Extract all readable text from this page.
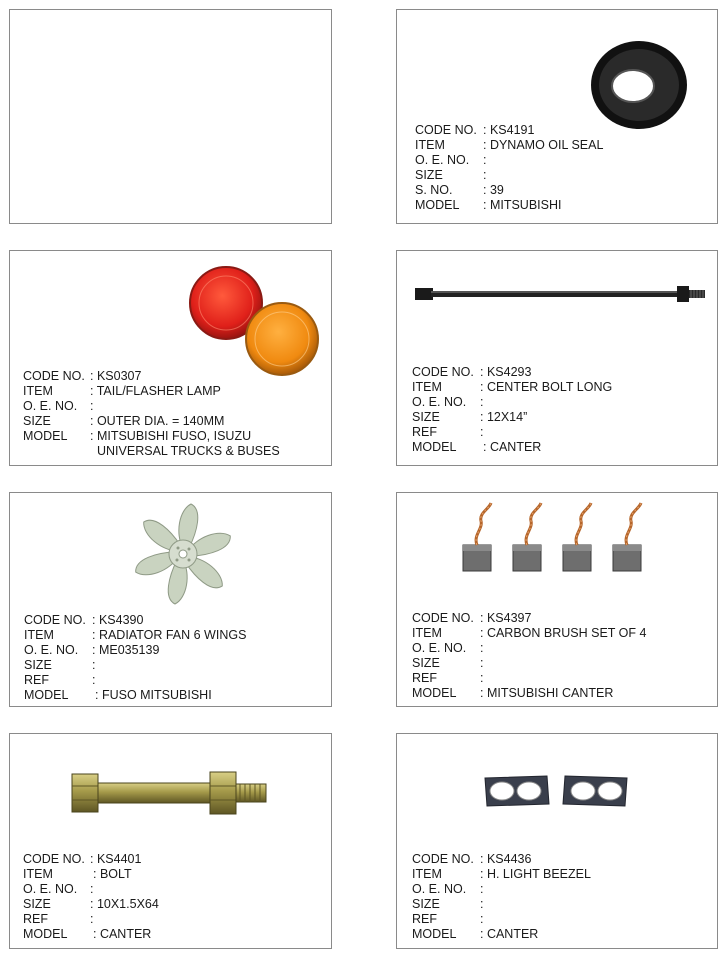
CODE NO. : KS4191
ITEM	: DYNAMO OIL SEAL
O. E. NO.	:
SIZE	:
S. NO.	: 39
MODEL	: MITSUBISHI
CODE NO. : KS0307
ITEM	: TAIL/FLASHER LAMP
O. E. NO.	:
SIZE	: OUTER DIA. = 140MM
MODEL	: MITSUBISHI FUSO, ISUZU
UNIVERSAL TRUCKS & BUSES
CODE NO. : KS4293
ITEM	: CENTER BOLT LONG
O. E. NO.	:
SIZE	: 12X14”
REF	:
MODEL	: CANTER
CODE NO. : KS4390
ITEM	: RADIATOR FAN 6 WINGS
O. E. NO.	: ME035139
SIZE	:
REF	:
MODEL	: FUSO MITSUBISHI
CODE NO. : KS4397
ITEM	: CARBON BRUSH SET OF 4
O. E. NO.	:
SIZE	:
REF	:
MODEL	: MITSUBISHI CANTER
CODE NO. : KS4401
ITEM	: BOLT
O. E. NO.	:
SIZE	: 10X1.5X64
REF	:
MODEL	: CANTER
CODE NO. : KS4436
ITEM	: H. LIGHT BEEZEL
O. E. NO.	:
SIZE	:
REF	:
MODEL	: CANTER
